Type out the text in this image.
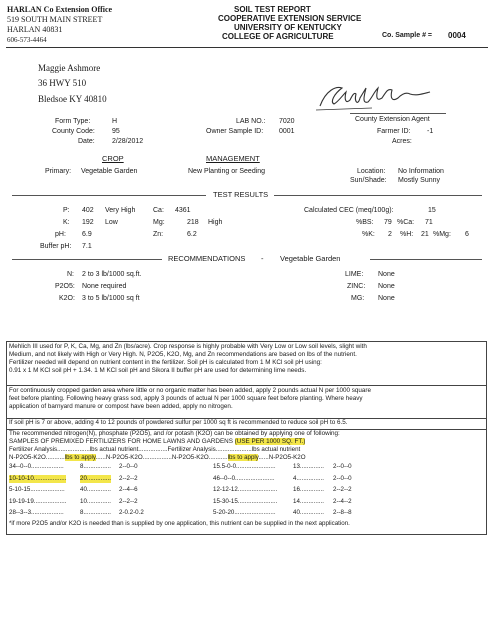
HARLAN Co Extension Office
519 SOUTH MAIN STREET
HARLAN 40831
606-573-4464
SOIL TEST REPORT
COOPERATIVE EXTENSION SERVICE
UNIVERSITY OF KENTUCKY
COLLEGE OF AGRICULTURE	Co. Sample # = 0004
Maggie Ashmore
36 HWY 510
Bledsoe KY 40810
County Extension Agent
Form Type:	H
County Code: 95
Date: 2/28/2012
LAB NO.: 7020
Owner Sample ID: 0001	Farmer ID: -1
Acres:
CROP	MANAGEMENT
Primary: Vegetable Garden	New Planting or Seeding	Location: No Information
Sun/Shade: Mostly Sunny
TEST RESULTS
P: 402 Very High
K: 192 Low
pH: 6.9
Buffer pH: 7.1
Ca: 4361
Mg:	218 High
Zn:	6.2
Calculated CEC (meq/100g):	15
%BS: 79 %Ca: 71
%K: 2 %H: 21 %Mg: 6
RECOMMENDATIONS - Vegetable Garden
N: 2 to 3 lb/1000 sq.ft.
P2O5: None required
K2O: 3 to 5 lb/1000 sq ft
LIME: None
ZINC: None
MG: None
Mehlich III used for P, K, Ca, Mg, and Zn (lbs/acre). Crop response is highly probable with Very Low or Low soil levels, slight with
Medium, and not likely with High or Very High. N, P2O5, K2O, Mg, and Zn recommendations are based on lbs of the nutrient.
Fertilizer needed will depend on nutrient content in the fertilizer. Soil pH is calculated from 1 M KCl soil pH using:
0.91 x 1 M KCl soil pH + 1.34. 1 M KCl soil pH and Sikora II buffer pH are used for determining lime needs.
For continuously cropped garden area where little or no organic matter has been added, apply 2 pounds actual N per 1000 square
feet before planting. Following heavy grass sod, apply 3 pounds of actual N per 1000 square feet before planting. Where heavy
application of barnyard manure or compost have been added, apply no nitrogen.
If soil pH is 7 or above, adding 4 to 12 pounds of powdered sulfur per 1000 sq ft is recommended to reduce soil pH to 6.5.
The recommended nitrogen(N), phosphate (P2O5), and /or potash (K2O) can be obtained by applying one of following:
SAMPLES OF PREMIXED FERTILIZERS FOR HOME LAWNS AND GARDENS (USE PER 1000 SQ. FT.)
Fertilizer Analysis...................lbs actual nutrient.................Fertilizer Analysis.....................lbs actual nutrient
N-P2O5-K2O...........lbs to apply......N-P2O5-K2O.................N-P2O5-K2O...........lbs to apply......N-P2O5-K2O
34--0--0...................	8................ 2--0--0	15.5-0-0.......................	13.............. 2--0--0
10-10-10................... 20.............. 2--2--2	46--0--0.......................	4................ 2--0--0
5-10-15.................... 40.............. 2--4--6	12-12-12.......................	16.............. 2--2--2
19-19-19................... 10.............. 2--2--2	15-30-15.......................	14.............. 2--4--2
28--3--3...................	8................ 2-0.2-0.2	5-20-20........................	40.............. 2--8--8
*if more P2O5 and/or K2O is needed than is supplied by one application, this nutrient can be supplied in the next application.
